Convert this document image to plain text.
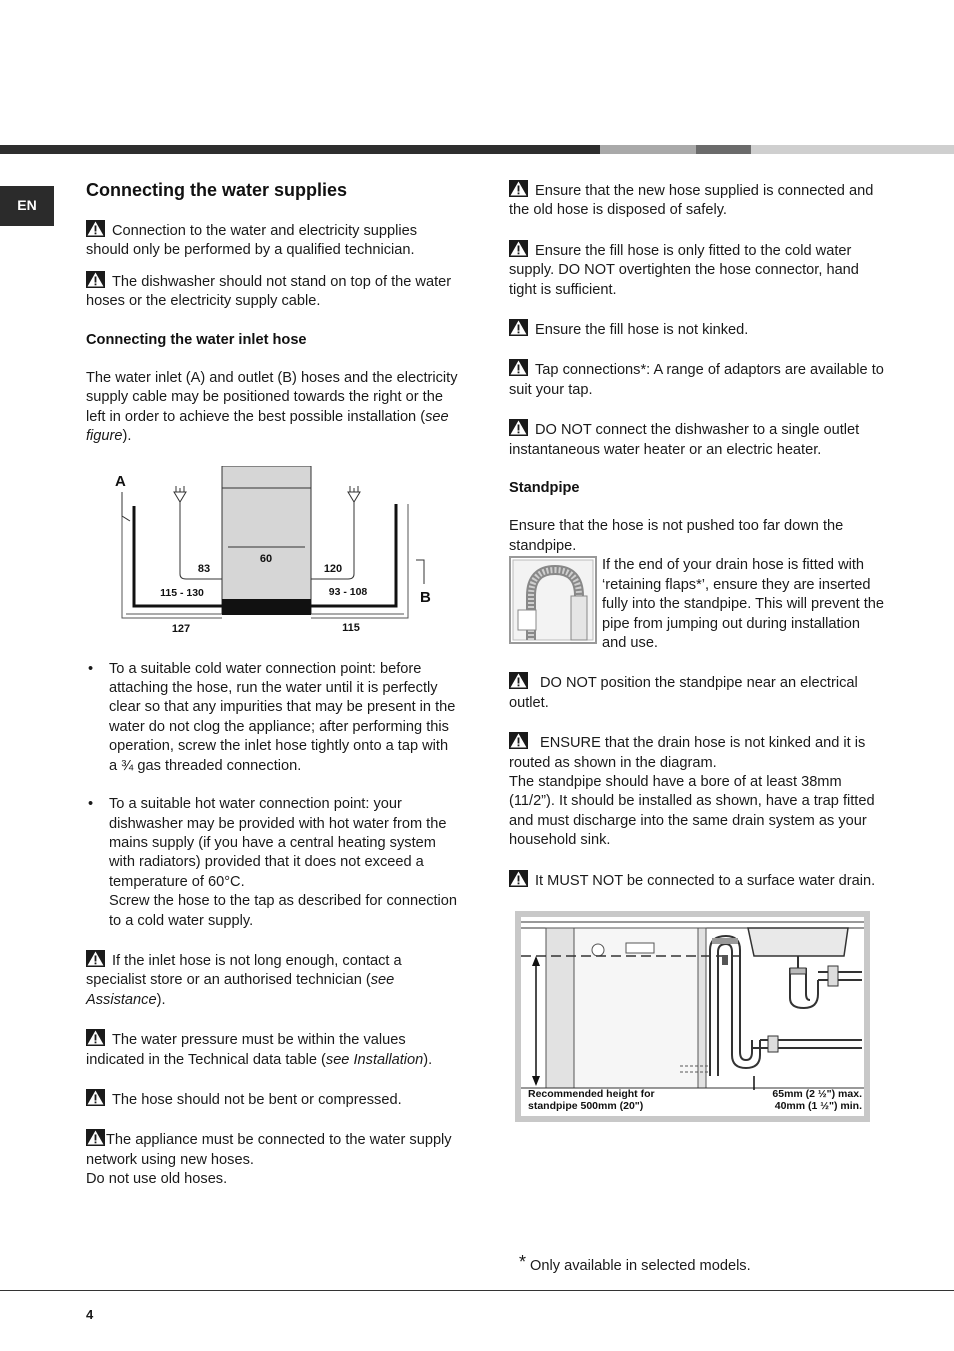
EN
Connecting the water supplies

Connection to the water and electricity supplies should only be performed by a qualified technician.

The dishwasher should not stand on top of the water hoses or the electricity supply cable.

Connecting the water inlet hose

The water inlet (A) and outlet (B) hoses and the electricity supply cable may be positioned towards the right or the left in order to achieve the best possible installation (see figure).

A
B
60
83	120
115 - 130	93 - 108
127	115
• To a suitable cold water connection point: before attaching the hose, run the water until it is perfectly clear so that any impurities that may be present in the water do not clog the appliance; after performing this operation, screw the inlet hose tightly onto a tap with a ¾ gas threaded connection.
• To a suitable hot water connection point: your dishwasher may be provided with hot water from the mains supply (if you have a central heating system with radiators) provided that it does not exceed a temperature of 60°C.
Screw the hose to the tap as described for connection to a cold water supply.

If the inlet hose is not long enough, contact a specialist store or an authorised technician (see Assistance).

The water pressure must be within the values indicated in the Technical data table (see Installation).

The hose should not be bent or compressed.

The appliance must be connected to the water supply network using new hoses.
Do not use old hoses.

Ensure that the new hose supplied is connected and the old hose is disposed of safely.

Ensure the fill hose is only fitted to the cold water supply. DO NOT overtighten the hose connector, hand tight is sufficient.

Ensure the fill hose is not kinked.

Tap connections*: A range of adaptors are available to suit your tap.

DO NOT connect the dishwasher to a single outlet instantaneous water heater or an electric heater.

Standpipe

Ensure that the hose is not pushed too far down the standpipe.

If the end of your drain hose is fitted with ‘retaining flaps*’, ensure they are inserted fully into the standpipe. This will prevent the pipe from jumping out during installation and use.

DO NOT position the standpipe near an electrical outlet.

ENSURE that the drain hose is not kinked and it is routed as shown in the diagram.
The standpipe should have a bore of at least 38mm (11/2”). It should be installed as shown, have a trap fitted and must discharge into the same drain system as your household sink.

It MUST NOT be connected to a surface water drain.

Recommended height for
standpipe 500mm (20")
65mm (2 ½") max.
40mm (1 ½") min.
* Only available in selected models.
4
